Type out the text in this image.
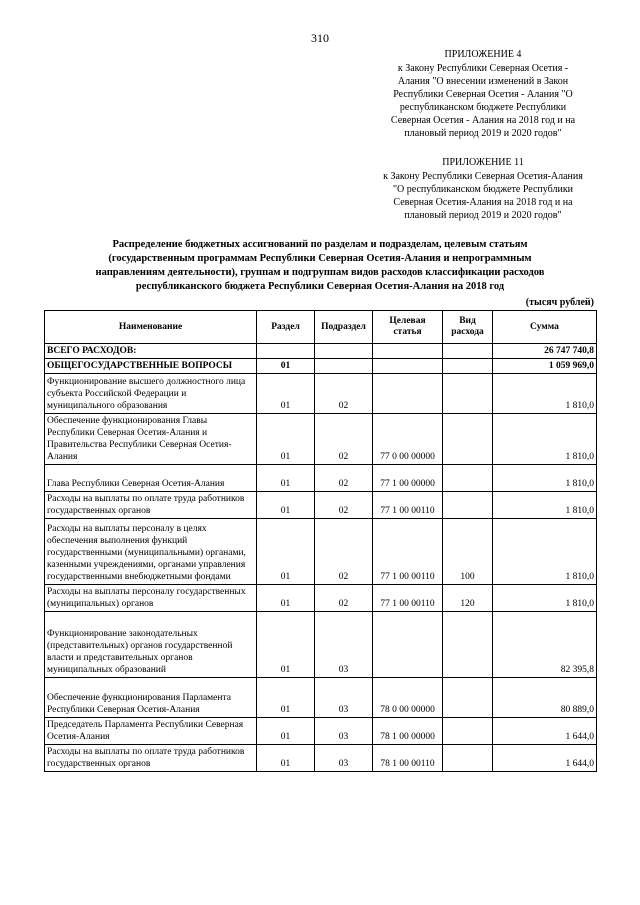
310
ПРИЛОЖЕНИЕ 4
к Закону Республики Северная Осетия -
Алания "О внесении изменений в Закон
Республики Северная Осетия - Алания "О
республиканском бюджете Республики
Северная Осетия - Алания на 2018 год и на
плановый период 2019 и 2020 годов"
ПРИЛОЖЕНИЕ 11
к Закону Республики Северная Осетия-Алания
"О республиканском бюджете Республики
Северная Осетия-Алания на 2018 год и на
плановый период 2019 и 2020 годов"
Распределение бюджетных ассигнований по разделам и подразделам, целевым статьям
(государственным программам Республики Северная Осетия-Алания и непрограммным
направлениям деятельности), группам и подгруппам видов расходов классификации расходов
республиканского бюджета Республики Северная Осетия-Алания на 2018 год
(тысяч рублей)
Наименование	Раздел	Подраздел	Целевая статья	Вид расхода	Сумма
ВСЕГО РАСХОДОВ:					26 747 740,8
ОБЩЕГОСУДАРСТВЕННЫЕ ВОПРОСЫ	01				1 059 969,0
Функционирование высшего должностного лица субъекта Российской Федерации и муниципального образования	01	02			1 810,0
Обеспечение функционирования Главы Республики Северная Осетия-Алания и Правительства Республики Северная Осетия-Алания	01	02	77 0 00 00000		1 810,0
Глава Республики Северная Осетия-Алания	01	02	77 1 00 00000		1 810,0
Расходы на выплаты по оплате труда работников государственных органов	01	02	77 1 00 00110		1 810,0
Расходы на выплаты персоналу в целях обеспечения выполнения функций государственными (муниципальными) органами, казенными учреждениями, органами управления государственными внебюджетными фондами	01	02	77 1 00 00110	100	1 810,0
Расходы на выплаты персоналу государственных (муниципальных) органов	01	02	77 1 00 00110	120	1 810,0
Функционирование законодательных (представительных) органов государственной власти и представительных органов муниципальных образований	01	03			82 395,8
Обеспечение функционирования Парламента Республики Северная Осетия-Алания	01	03	78 0 00 00000		80 889,0
Председатель Парламента Республики Северная Осетия-Алания	01	03	78 1 00 00000		1 644,0
Расходы на выплаты по оплате труда работников государственных органов	01	03	78 1 00 00110		1 644,0
